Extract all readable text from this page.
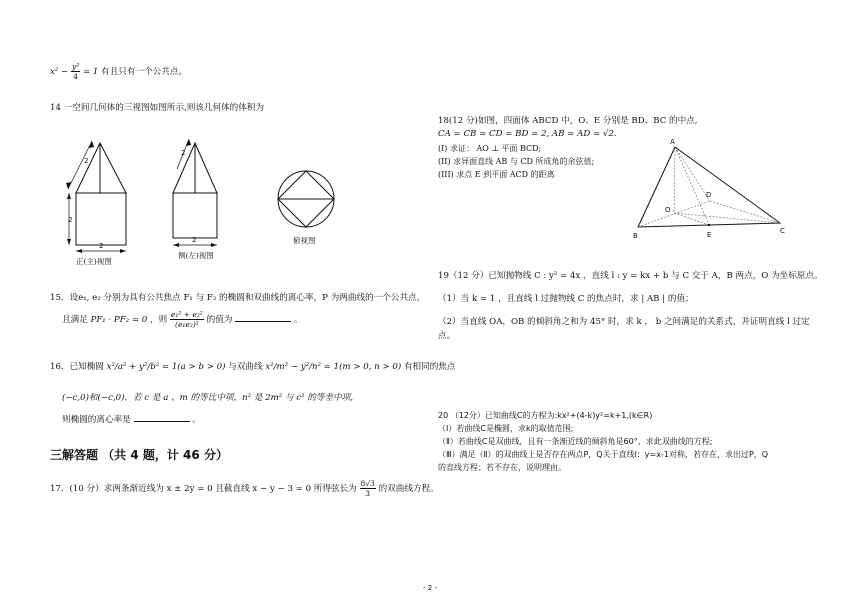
$x^2 - \frac{\text{y²}}{4} = 1$ 有且只有一个公共点。
14 一空间几何体的三视图如图所示,则该几何体的体积为
2
2
2
正(主)视图
2
2
侧(左)视图
俯视图
15．设e₁, e₂ 分别为具有公共焦点 F₁ 与 F₂ 的椭圆和双曲线的离心率，P 为两曲线的一个公共点，
且满足 PF₁ · PF₂ = 0 ，则 $\frac{\text{e₁² + e₂²}}{\text{(e₁e₂)²}}$ 的值为	。
16．已知椭圆 x²/a² + y²/b² = 1(a > b > 0) 与双曲线 x²/m² − y²/n² = 1(m > 0, n > 0) 有相同的焦点
(−c,0)和(−c,0)，若 c 是 a 、m 的等比中项，n² 是 2m² 与 c² 的等差中项，
则椭圆的离心率是	。
三解答题 （共 4 题，计 46 分）
17．(10 分）求两条渐近线为 x ± 2y = 0 且截直线 x − y − 3 = 0 所得弦长为 $\frac{8√3}{3}$ 的双曲线方程。
18(12 分)如图，四面体 ABCD 中，O、E 分别是 BD、BC 的中点,
CA = CB = CD = BD = 2, AB = AD = √2.
(I) 求证： AO ⊥ 平面 BCD;
(II) 求异面直线 AB 与 CD 所成角的余弦值;
(III) 求点 E 到平面 ACD 的距离
A
B
C
D
E
O
19（12 分）已知抛物线 C : y² = 4x ，直线 l : y = kx + b 与 C 交于 A，B 两点，O 为坐标原点。
（1）当 k = 1 ，且直线 l 过抛物线 C 的焦点时，求 | AB | 的值；
（2）当直线 OA，OB 的倾斜角之和为 45° 时，求 k ， b 之间满足的关系式，并证明直线 l 过定
点。
20 （12分）已知曲线C的方程为:kx²+(4-k)y²=k+1,(k∈R)
（Ⅰ）若曲线C是椭圆，求k的取值范围;
（Ⅱ）若曲线C是双曲线，且有一条渐近线的倾斜角是60°，求此双曲线的方程;
（Ⅲ）满足（Ⅱ）的双曲线上是否存在两点P，Q关于直线l：y=x-1对称，若存在，求出过P，Q
的直线方程；若不存在，说明理由。
- 2 -
